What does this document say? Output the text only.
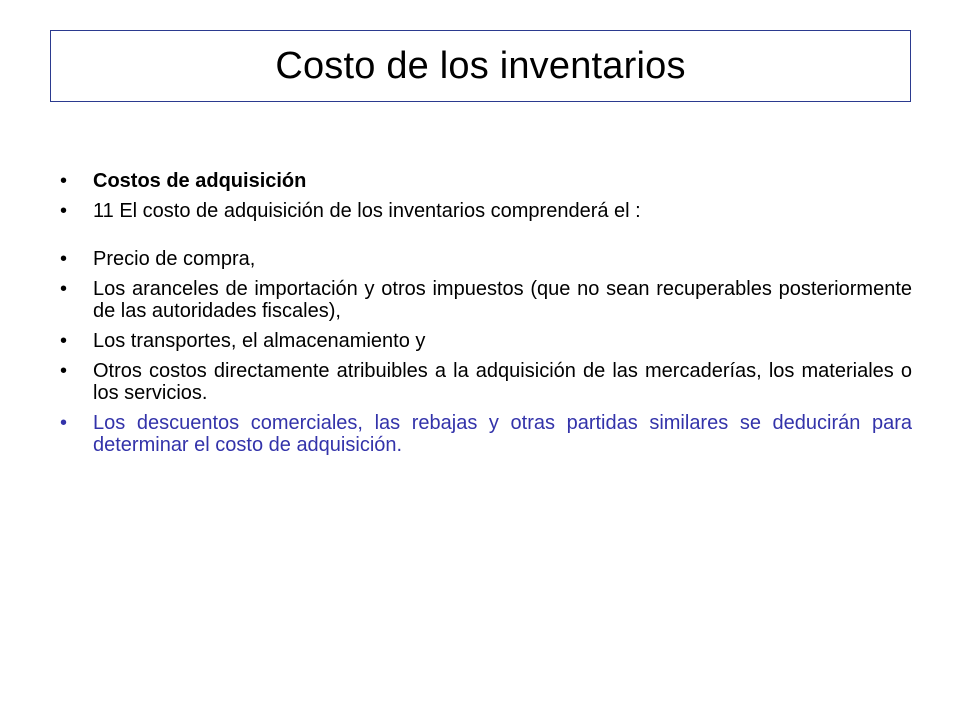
Costo de los inventarios
•	Costos de adquisición
•	11 El costo de adquisición de los inventarios comprenderá el :
•	Precio de compra,
•	Los aranceles de importación y otros impuestos (que no sean recuperables posteriormente de las autoridades fiscales),
•	Los transportes, el almacenamiento y
•	Otros costos directamente atribuibles a la adquisición de las mercaderías, los materiales o los servicios.
•	Los descuentos comerciales, las rebajas y otras partidas similares se deducirán para determinar el costo de adquisición.
